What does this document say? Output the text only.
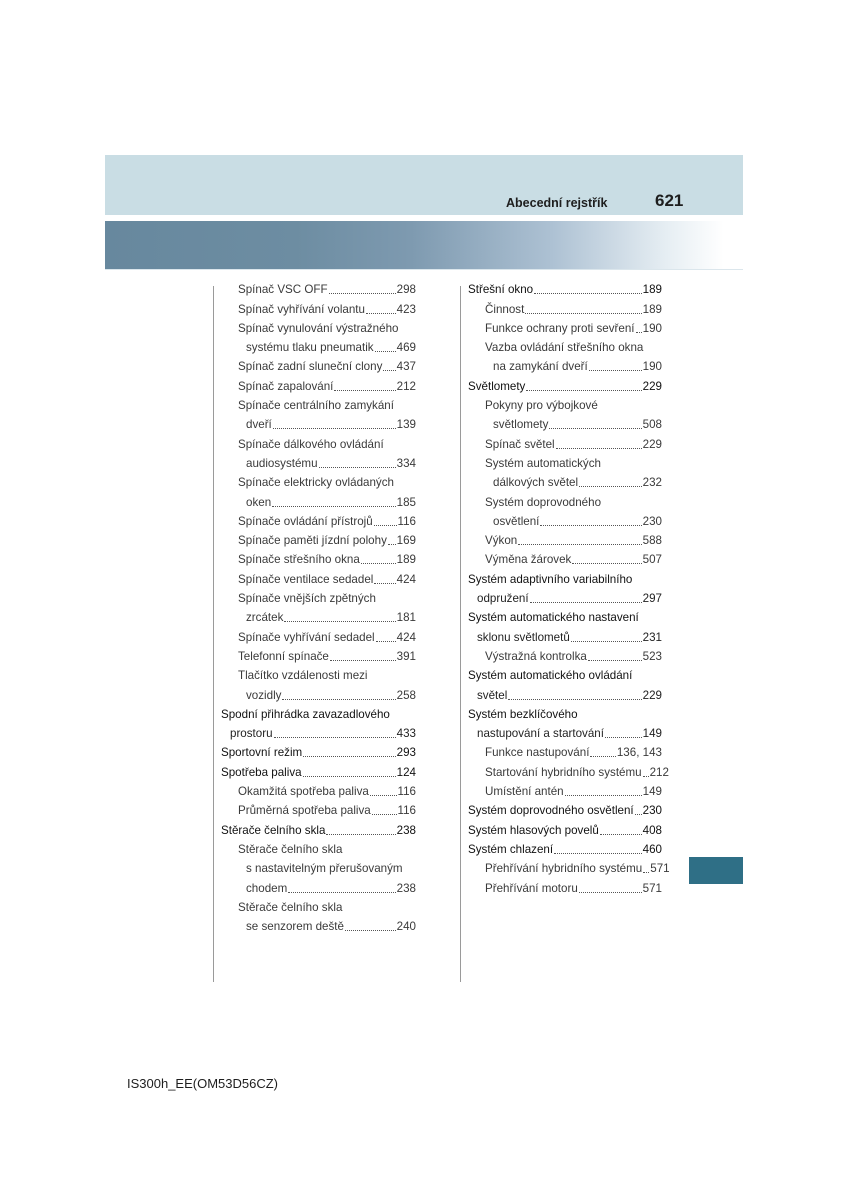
Abecední rejstřík	621
Spínač VSC OFF	298
Spínač vyhřívání volantu	423
Spínač vynulování výstražného
systému tlaku pneumatik 469
Spínač zadní sluneční clony 437
Spínač zapalování	212
Spínače centrálního zamykání
dveří	139
Spínače dálkového ovládání
audiosystému	334
Spínače elektricky ovládaných
oken	185
Spínače ovládání přístrojů 116
Spínače paměti jízdní polohy 169
Spínače střešního okna	189
Spínače ventilace sedadel 424
Spínače vnějších zpětných
zrcátek	181
Spínače vyhřívání sedadel 424
Telefonní spínače	391
Tlačítko vzdálenosti mezi
vozidly	258
Spodní přihrádka zavazadlového
prostoru	433
Sportovní režim	293
Spotřeba paliva	124
Okamžitá spotřeba paliva 116
Průměrná spotřeba paliva 116
Stěrače čelního skla	238
Stěrače čelního skla
s nastavitelným přerušovaným
chodem	238
Stěrače čelního skla
se senzorem deště	240
Střešní okno	189
Činnost	189
Funkce ochrany proti sevření 190
Vazba ovládání střešního okna
na zamykání dveří	190
Světlomety	229
Pokyny pro výbojkové
světlomety	508
Spínač světel	229
Systém automatických
dálkových světel	232
Systém doprovodného
osvětlení	230
Výkon	588
Výměna žárovek	507
Systém adaptivního variabilního
odpružení	297
Systém automatického nastavení
sklonu světlometů	231
Výstražná kontrolka	523
Systém automatického ovládání
světel	229
Systém bezklíčového
nastupování a startování	149
Funkce nastupování 136, 143
Startování hybridního systému 212
Umístění antén	149
Systém doprovodného osvětlení 230
Systém hlasových povelů	408
Systém chlazení	460
Přehřívání hybridního systému 571
Přehřívání motoru	571
IS300h_EE(OM53D56CZ)
